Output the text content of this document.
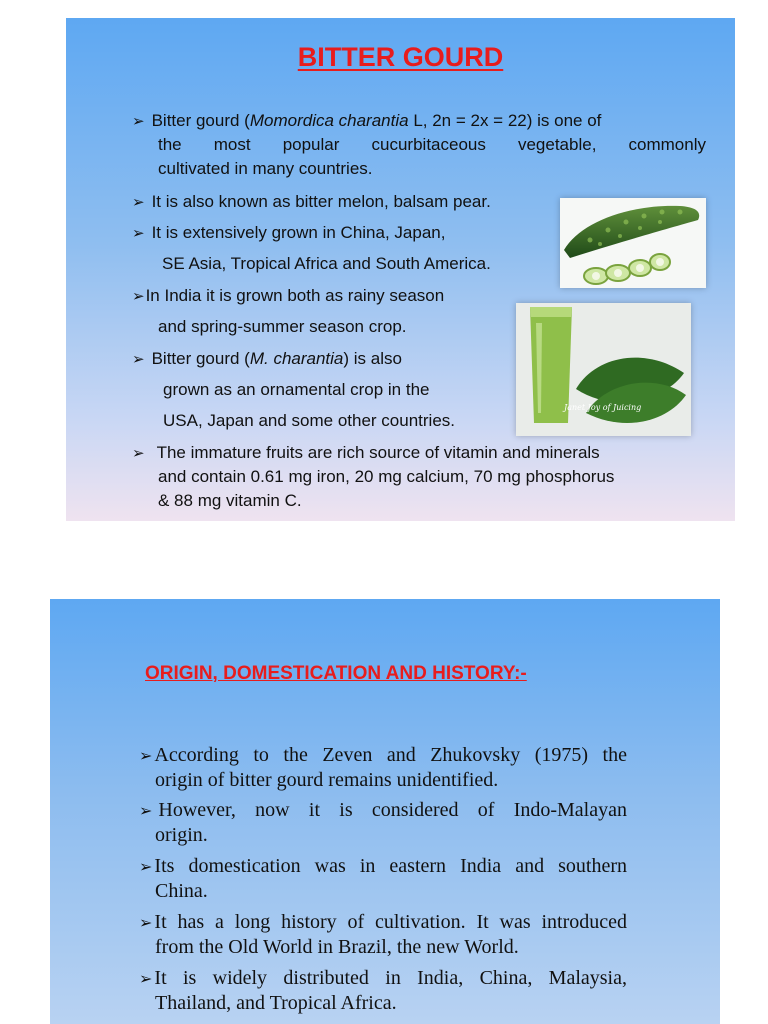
BITTER GOURD
➢ Bitter gourd (Momordica charantia L, 2n = 2x = 22) is one of
the most popular cucurbitaceous vegetable, commonly
cultivated in many countries.
➢ It is also known as bitter melon, balsam pear.
➢ It is extensively grown in China, Japan,
SE Asia, Tropical Africa and South America.
➢In India it is grown both as rainy season
and spring-summer season crop.
➢ Bitter gourd (M. charantia) is also
grown as an ornamental crop in the
USA, Japan and some other countries.
➢ The immature fruits are rich source of vitamin and minerals
and contain 0.61 mg iron, 20 mg calcium, 70 mg phosphorus
& 88 mg vitamin C.
Janet Joy of Juicing
ORIGIN, DOMESTICATION AND HISTORY:-
➢ According to the Zeven and Zhukovsky (1975) the
origin of bitter gourd remains unidentified.
➢ However, now it is considered of Indo-Malayan
origin.
➢ Its domestication was in eastern India and southern
China.
➢ It has a long history of cultivation. It was introduced
from the Old World in Brazil, the new World.
➢ It is widely distributed in India, China, Malaysia,
Thailand, and Tropical Africa.
